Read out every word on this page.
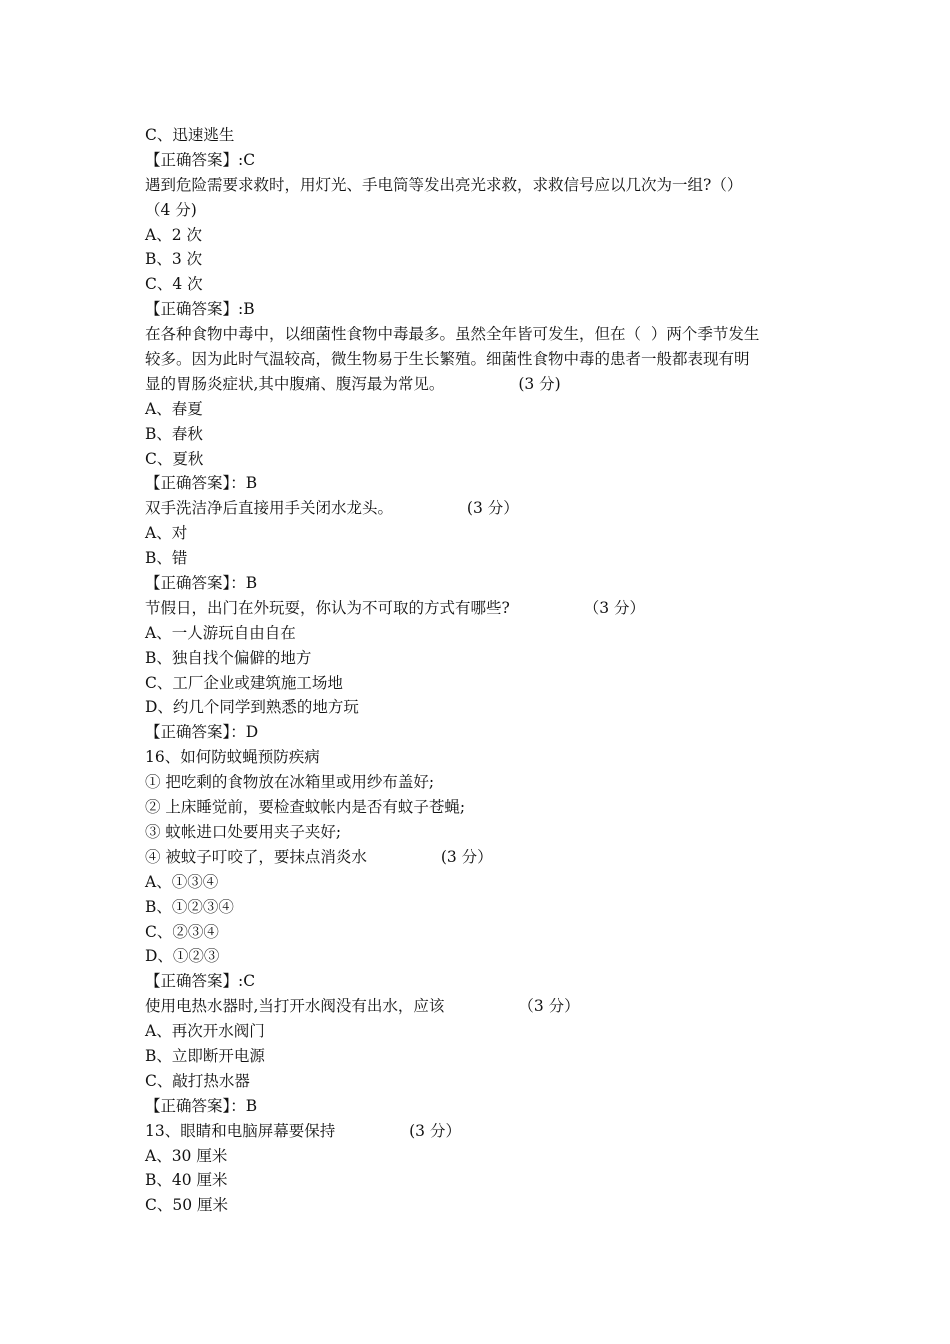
C、迅速逃生
【正确答案】:C
遇到危险需要求救时，用灯光、手电筒等发出亮光求救，求救信号应以几次为一组?（）
（4 分)
A、2 次
B、3 次
C、4 次
【正确答案】:B
在各种食物中毒中，以细菌性食物中毒最多。虽然全年皆可发生，但在（  ）两个季节发生
较多。因为此时气温较高，微生物易于生长繁殖。细菌性食物中毒的患者一般都表现有明
显的胃肠炎症状,其中腹痛、腹泻最为常见。               (3 分)
A、春夏
B、春秋
C、夏秋
【正确答案】：B
双手洗洁净后直接用手关闭水龙头。               (3 分）
A、对
B、错
【正确答案】：B
节假日，出门在外玩耍，你认为不可取的方式有哪些?               （3 分）
A、一人游玩自由自在
B、独自找个偏僻的地方
C、工厂企业或建筑施工场地
D、约几个同学到熟悉的地方玩
【正确答案】：D
16、如何防蚊蝇预防疾病
① 把吃剩的食物放在冰箱里或用纱布盖好;
② 上床睡觉前，要检查蚊帐内是否有蚊子苍蝇;
③ 蚊帐进口处要用夹子夹好;
④ 被蚊子叮咬了，要抹点消炎水               (3 分）
A、①③④
B、①②③④
C、②③④
D、①②③
【正确答案】:C
使用电热水器时,当打开水阀没有出水，应该               （3 分）
A、再次开水阀门
B、立即断开电源
C、敲打热水器
【正确答案】：B
13、眼睛和电脑屏幕要保持               (3 分）
A、30 厘米
B、40 厘米
C、50 厘米
